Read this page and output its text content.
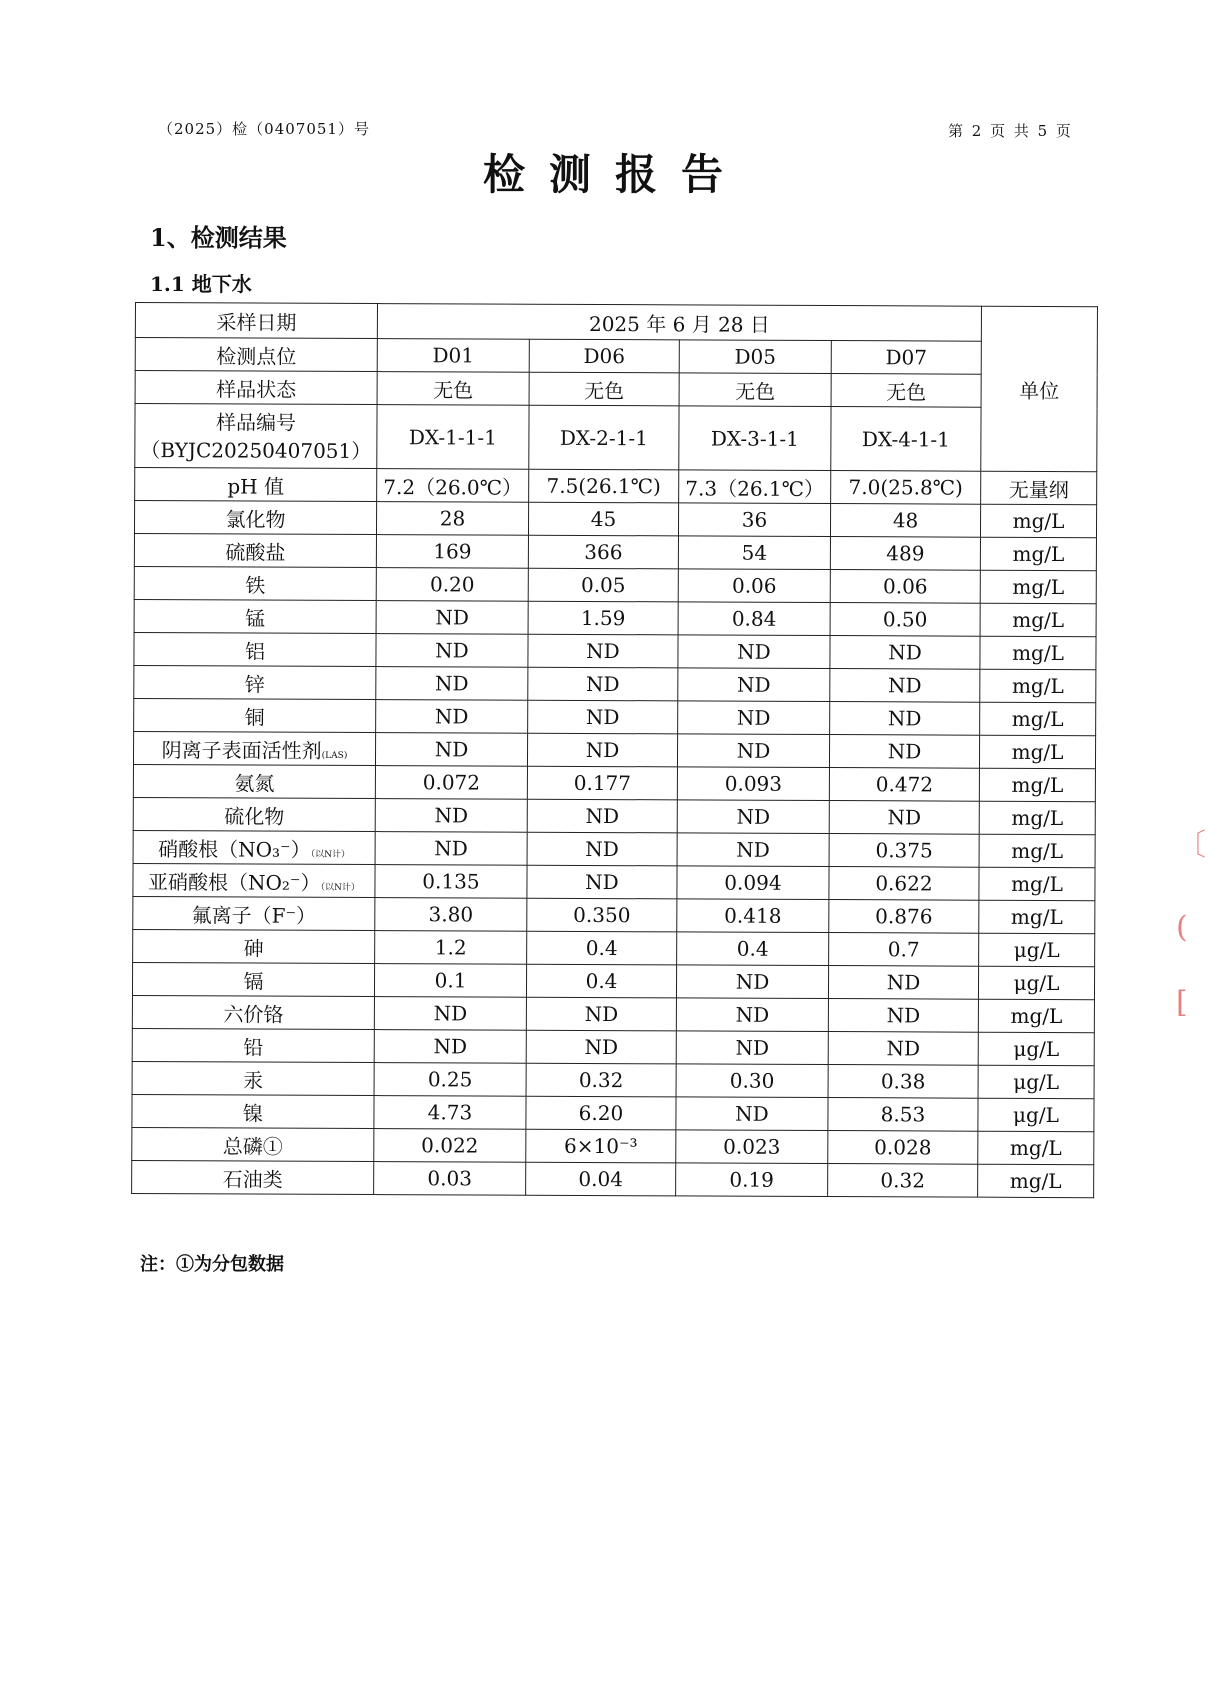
（2025）检（0407051）号	第 2 页 共 5 页
检测报告
1、检测结果
1.1 地下水
采样日期	2025 年 6 月 28 日				单位
检测点位	D01	D06	D05	D07	
样品状态	无色	无色	无色	无色	
样品编号
（BYJC20250407051）	DX-1-1-1	DX-2-1-1	DX-3-1-1	DX-4-1-1	
pH 值	7.2（26.0℃）	7.5(26.1℃)	7.3（26.1℃）	7.0(25.8℃)	无量纲
氯化物	28	45	36	48	mg/L
硫酸盐	169	366	54	489	mg/L
铁	0.20	0.05	0.06	0.06	mg/L
锰	ND	1.59	0.84	0.50	mg/L
铝	ND	ND	ND	ND	mg/L
锌	ND	ND	ND	ND	mg/L
铜	ND	ND	ND	ND	mg/L
阴离子表面活性剂(LAS)	ND	ND	ND	ND	mg/L
氨氮	0.072	0.177	0.093	0.472	mg/L
硫化物	ND	ND	ND	ND	mg/L
硝酸根（NO₃⁻）（以N计）	ND	ND	ND	0.375	mg/L
亚硝酸根（NO₂⁻）（以N计）	0.135	ND	0.094	0.622	mg/L
氟离子（F⁻）	3.80	0.350	0.418	0.876	mg/L
砷	1.2	0.4	0.4	0.7	μg/L
镉	0.1	0.4	ND	ND	μg/L
六价铬	ND	ND	ND	ND	mg/L
铅	ND	ND	ND	ND	μg/L
汞	0.25	0.32	0.30	0.38	μg/L
镍	4.73	6.20	ND	8.53	μg/L
总磷①	0.022	6×10⁻³	0.023	0.028	mg/L
石油类	0.03	0.04	0.19	0.32	mg/L
注：①为分包数据
〔
(
[
